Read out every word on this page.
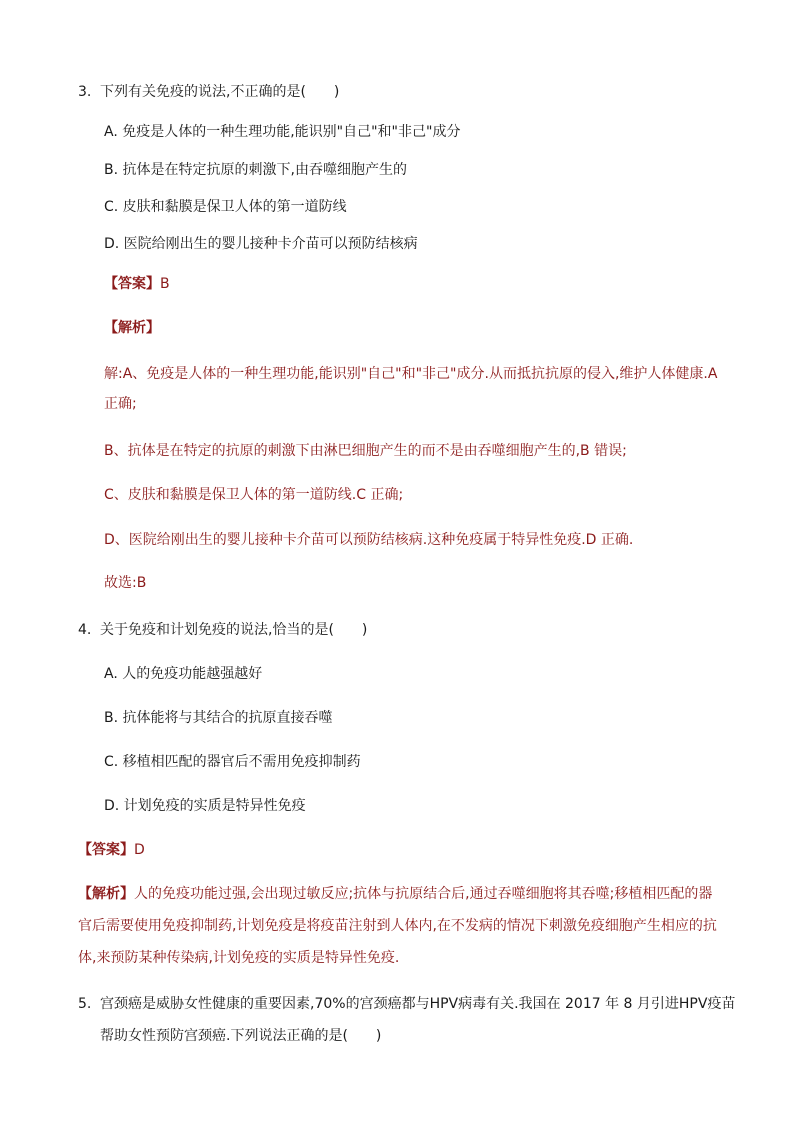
3. 下列有关免疫的说法,不正确的是(　　)
A. 免疫是人体的一种生理功能,能识别"自己"和"非己"成分
B. 抗体是在特定抗原的刺激下,由吞噬细胞产生的
C. 皮肤和黏膜是保卫人体的第一道防线
D. 医院给刚出生的婴儿接种卡介苗可以预防结核病
【答案】B
【解析】
解:A、免疫是人体的一种生理功能,能识别"自己"和"非己"成分.从而抵抗抗原的侵入,维护人体健康.A
正确;
B、抗体是在特定的抗原的刺激下由淋巴细胞产生的而不是由吞噬细胞产生的,B 错误;
C、皮肤和黏膜是保卫人体的第一道防线.C 正确;
D、医院给刚出生的婴儿接种卡介苗可以预防结核病.这种免疫属于特异性免疫.D 正确.
故选:B
4. 关于免疫和计划免疫的说法,恰当的是(　　)
A. 人的免疫功能越强越好
B. 抗体能将与其结合的抗原直接吞噬
C. 移植相匹配的器官后不需用免疫抑制药
D. 计划免疫的实质是特异性免疫
【答案】D
【解析】人的免疫功能过强,会出现过敏反应;抗体与抗原结合后,通过吞噬细胞将其吞噬;移植相匹配的器
官后需要使用免疫抑制药,计划免疫是将疫苗注射到人体内,在不发病的情况下刺激免疫细胞产生相应的抗
体,来预防某种传染病,计划免疫的实质是特异性免疫.
5. 宫颈癌是威胁女性健康的重要因素,70%的宫颈癌都与HPV病毒有关.我国在 2017 年 8 月引进HPV疫苗
帮助女性预防宫颈癌.下列说法正确的是(　　)
